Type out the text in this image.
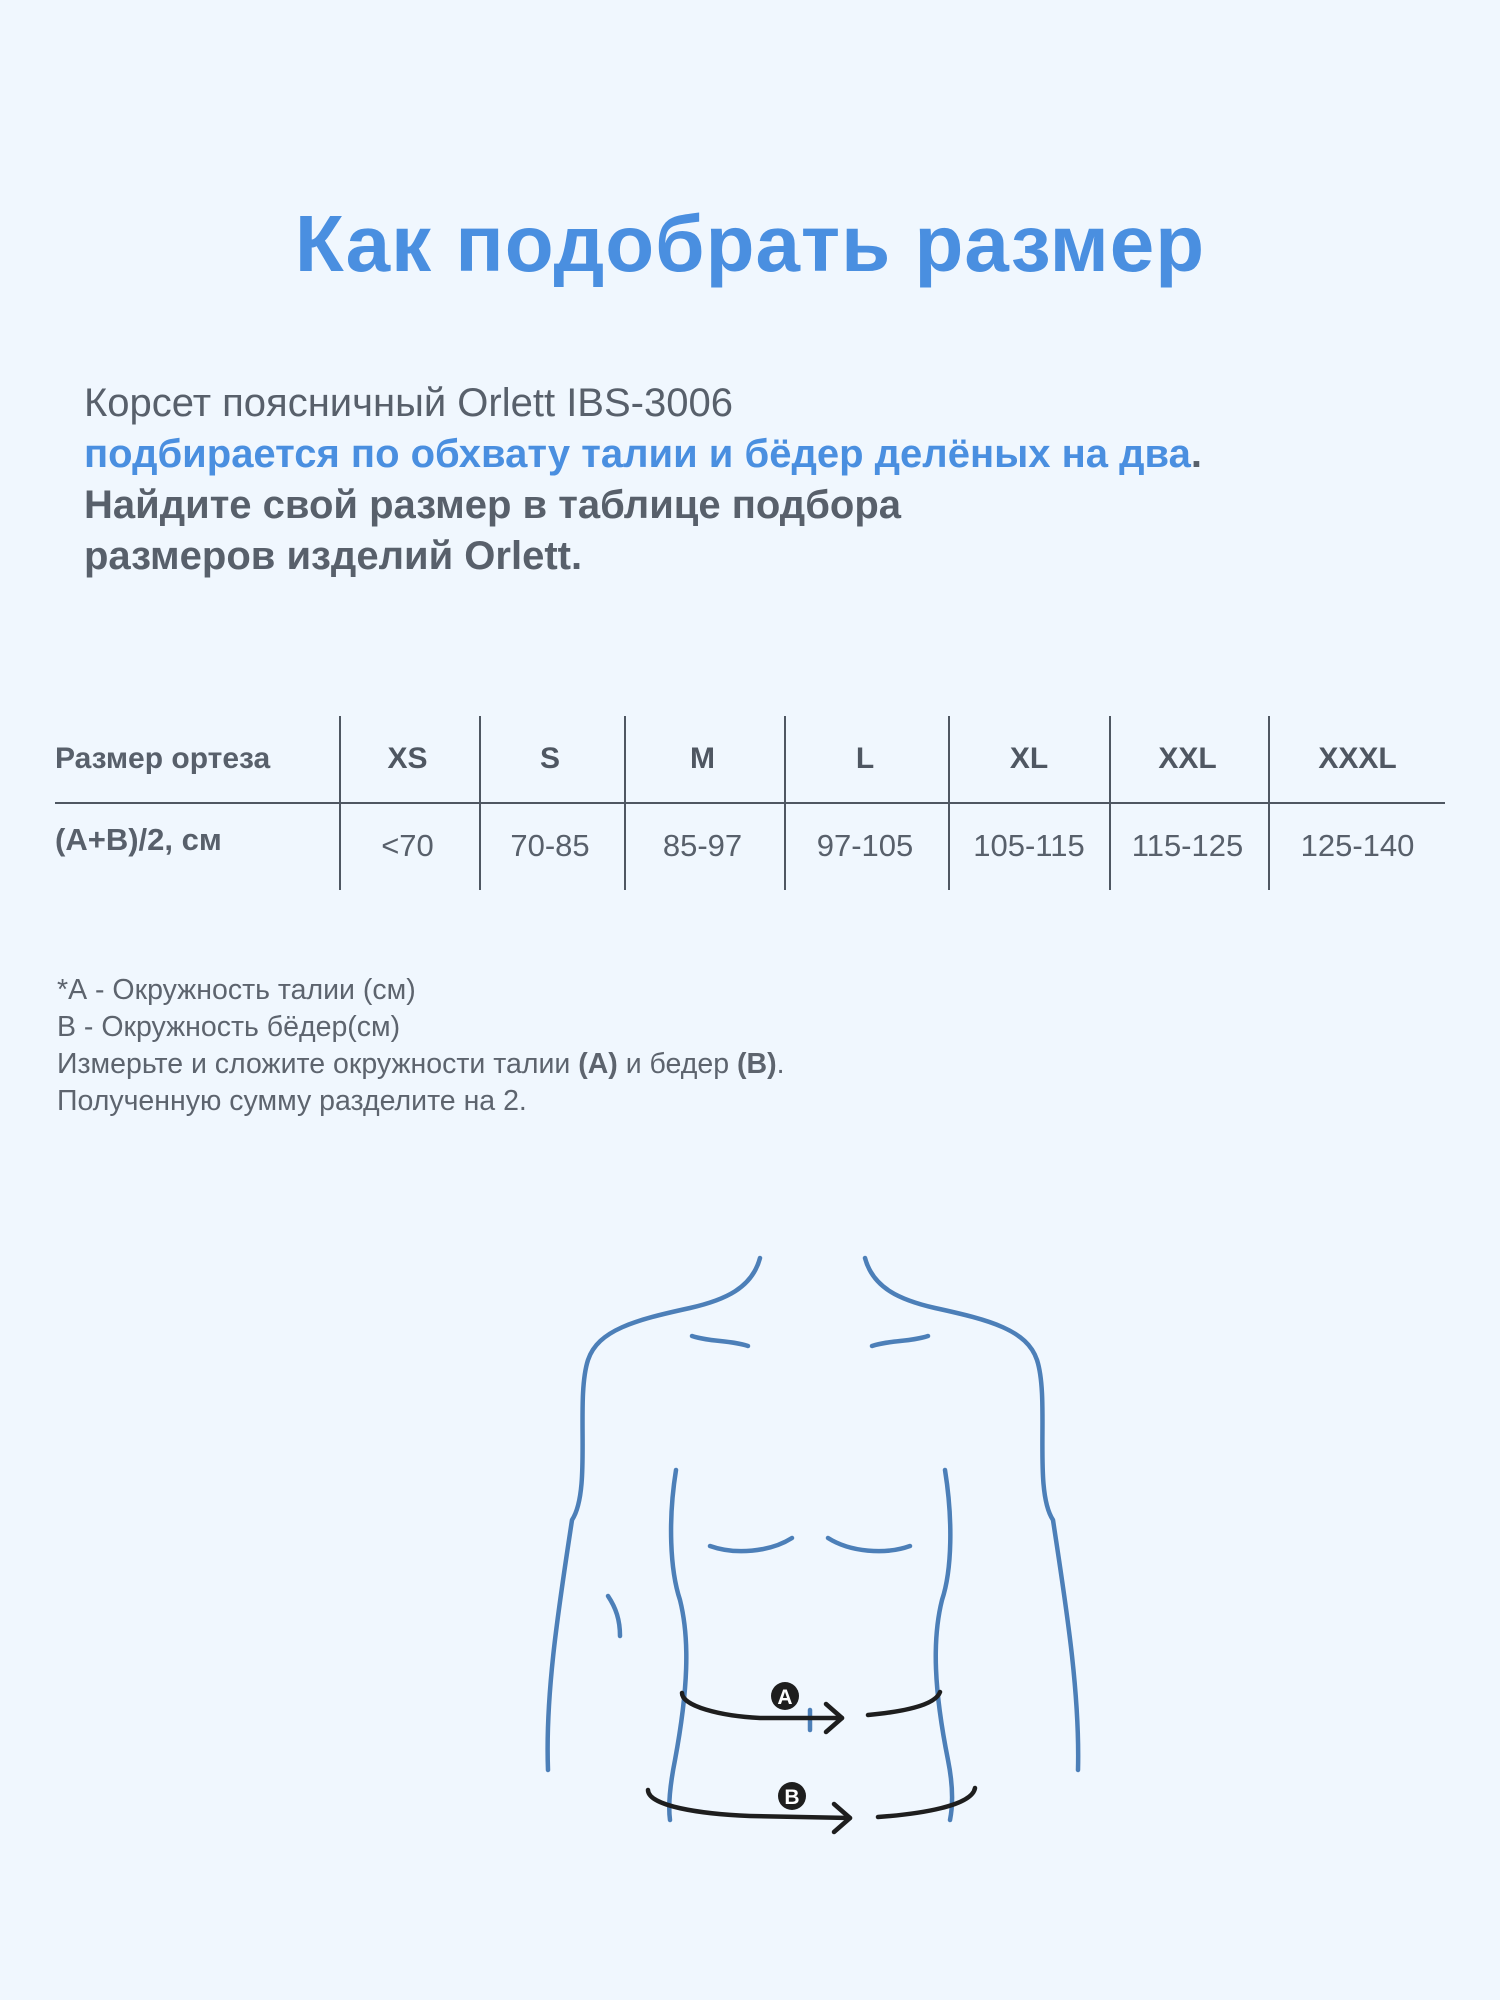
Как подобрать размер
Корсет поясничный Orlett IBS-3006
подбирается по обхвату талии и бёдер делёных на два.
Найдите свой размер в таблице подбора
размеров изделий Orlett.
Размер ортеза	XS	S	M	L	XL	XXL	XXXL
(A+B)/2, см	<70	70-85	85-97	97-105	105-115	115-125	125-140
*А - Окружность талии (см)
В - Окружность бёдер(см)
Измерьте и сложите окружности талии (А) и бедер (В).
Полученную сумму разделите на 2.
A
B
